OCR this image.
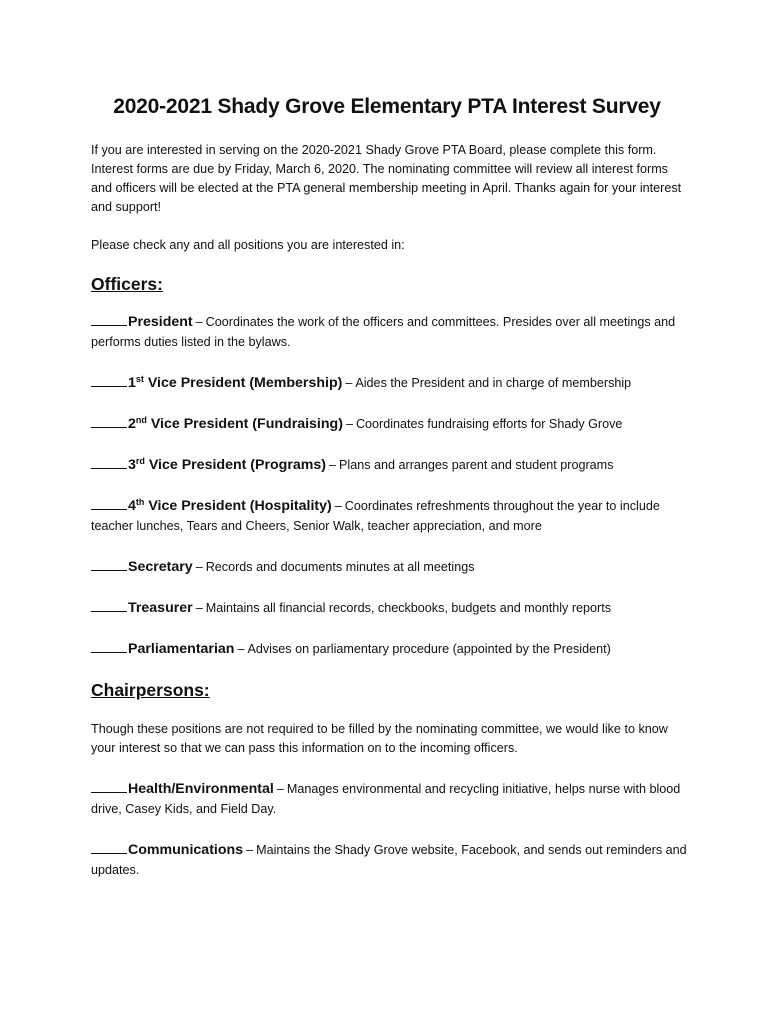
2020-2021 Shady Grove Elementary PTA Interest Survey

If you are interested in serving on the 2020-2021 Shady Grove PTA Board, please complete this form. Interest forms are due by Friday, March 6, 2020. The nominating committee will review all interest forms and officers will be elected at the PTA general membership meeting in April. Thanks again for your interest and support!

Please check any and all positions you are interested in:

Officers:
President – Coordinates the work of the officers and committees. Presides over all meetings and performs duties listed in the bylaws.
1st Vice President (Membership) – Aides the President and in charge of membership
2nd Vice President (Fundraising) – Coordinates fundraising efforts for Shady Grove
3rd Vice President (Programs) – Plans and arranges parent and student programs
4th Vice President (Hospitality) – Coordinates refreshments throughout the year to include teacher lunches, Tears and Cheers, Senior Walk, teacher appreciation, and more
Secretary – Records and documents minutes at all meetings
Treasurer – Maintains all financial records, checkbooks, budgets and monthly reports
Parliamentarian – Advises on parliamentary procedure (appointed by the President)
Chairpersons:

Though these positions are not required to be filled by the nominating committee, we would like to know your interest so that we can pass this information on to the incoming officers.

Health/Environmental – Manages environmental and recycling initiative, helps nurse with blood drive, Casey Kids, and Field Day.
Communications – Maintains the Shady Grove website, Facebook, and sends out reminders and updates.
